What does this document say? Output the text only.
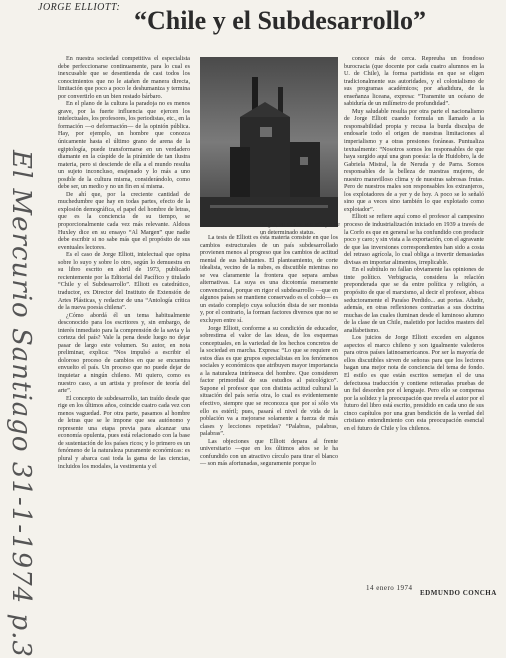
JORGE ELLIOTT: “Chile y el Subdesarrollo”
El Mercurio Santiago 31-1-1974 p.3

En nuestra sociedad competitiva el especialista debe perfeccionarse continuamente, para lo cual es inexcusable que se desentienda de casi todos los conocimientos que no le atañen de manera directa, limitación que poco a poco le deshumaniza y termina por convertirlo en un bien restado bárbaro.

En el plano de la cultura la paradoja no es menos grave, por la fuerte influencia que ejercen los intelectuales, los profesores, los periodistas, etc., en la formación —o deformación— de la opinión pública. Hay, por ejemplo, un hombre que conozca únicamente hasta el último grano de arena de la egiptología, puede transformarse en un verdadero diamante en la cúspide de la pirámide de tan ilustra materia, pero si desciende de ella a el mundo resulta un sujeto inconcluso, enajenado y lo más a uno posible de la cultura misma, considerándolo, como debe ser, un medio y no un fin en sí misma.

De ahí que, por la creciente cantidad de muchedumbre que hay en todas partes, efecto de la explosión demográfica, el papel del hombre de letras, que es la conciencia de su tiempo, se proporcionalmente cada vez más relevante. Aldous Huxley dice en su ensayo “Al Margen” que nadie debe escribir si no sabe más que el propósito de sus eventuales lectores.

Es el caso de Jorge Elliott, intelectual que opina sobre lo suyo y sobre lo otro, según lo demuestra en su libro escrito en abril de 1973, publicado recientemente por la Editorial del Pacífico y titulado “Chile y el Subdesarrollo”. Elliott es catedrático, traductor, ex Director del Instituto de Extensión de Artes Plásticas, y redactor de una “Antología crítica de la nueva poesía chilena”.

¿Cómo abordá él un tema habitualmente desconocido para los escritores y, sin embargo, de interés inmediato para la comprensión de la savia y la corteza del país? Vale la pena desde luego no dejar pasar de largo este volumen. Su autor, en nota preliminar, explica: “Nos impulsó a escribir el doloroso proceso de cambios en que se encuentra envuelto el país. Un proceso que no puede dejar de inquietar a ningún chileno. Mi quiero, como es nuestro caso, a un artista y profesor de teoría del arte”.

El concepto de subdesarrollo, tan traído desde que rige en los últimos años, coincide cuatro cada vez con menos vaguedad. Por otra parte, pasamos al hombre de letras que se le impone que sea autónomo y represente una etapa previa para alcanzar una economía opulenta, pues está relacionado con la base de sustentación de los países ricos; y lo primero es un fenómeno de la naturaleza puramente económicas: es plural y abarca casi toda la gama de las ciencias, incluidos los modales, la vestimenta y el

lengua, en cuanto son reflejos de un determinado status.

La tesis de Elliott es ésta materia consiste en que los cambios estructurales de un país subdesarrollado provienen menos al progreso que los cambios de actitud mental de sus habitantes. El planteamiento, de corte idealista, vecino de la nubes, es discutible mientras no se vea claramente la frontera que separa ambas alternativas. La suya es una dicotomía meramente convencional, porque en rigor el subdesarrollo —que en algunos países se mantiene conservado es el cobdo— es un estado complejo cuya solución dista de ser monista y, por el contrario, la forman factores diversos que no se excluyen entre sí.

Jorge Elliott, conforme a su condición de educador, sobrestima el valor de las ideas, de los esquemas conceptuales, en la variedad de los hechos concretos de la sociedad en marcha. Expresa: “Lo que se requiere en estos días es que grupos especialistas en los fenómenos sociales y económicos que atribuyen mayor importancia a la naturaleza intrínseca del hombre. Que consideren factor primordial de sus estudios al psicológico”. Supone el profesor que con distinta actitud cultural la situación del país sería otra, lo cual es evidentemente efectivo, siempre que se reconozca que por sí sólo vis ello es estéril; pues, pasará el nivel de vida de la población va a mejorarse solamente a fuerza de más clases y lecciones repetidas? “Palabras, palabras, palabras”.

Las objeciones que Elliott depara al frente universitario —que en los últimos años se le ha confundido con un atractivo círculo para tirar el blanco— son más afortunadas, seguramente porque lo

conoce más de cerca. Repreuba un frondoso burocracia (que docente por cada cuatro alumnos en la U. de Chile), la forma partidista en que se eligen tradicionalmente sus autoridades, y el colonialismo de sus programas académicos; por añadidura, de la enseñanza liceana, expresa: “Transmite un océano de sabiduría de un milímetro de profundidad”.

Muy saludable resulta por otra parte el nacionalismo de Jorge Elliott cuando formula un llamado a la responsabilidad propia y recusa la burda disculpa de endosarle todo el origen de nuestras limitaciones al imperialismo y a otras presiones foráneas. Puntualiza textualmente: “Nosotros somos los responsables de que haya surgido aquí una gran poesía: la de Huidobro, la de Gabriela Mistral, la de Neruda y de Parra. Somos responsables de la belleza de nuestras mujeres, de nuestro maravilloso clima y de nuestras sabrosas frutas. Pero de nuestros males son responsables los extranjeros, los explotadores de a yer y de hoy. A poco se lo señaló sino que a veces sino también lo que explotado como explotador”.

Elliott se refiere aquí como el profesor al campesino proceso de industrialización iniciado en 1939 a través de la Corfo es que en general se ha confundido con producir poco y caro; y sin vista a la exportación, con el agravante de que las inversiones correspondientes han sido a costa del retraso agrícola, lo cual obliga a invertir demasiadas divisas en importar alimentos, irreplicable.

En el subtítulo no fallan obviamente las opiniones de tinte político. Verbigracia, considera la relación preponderada que se da entre política y religión, a propósito de que el marxismo, al decir el profesor, abisca seductoramente el Paraíso Perdido... aut portas. Añadir, además, en otras reflexiones contrarias a sus doctrina muchas de las cuales iluminan desde el luminoso alumno de la clase de un Chile, maletido por lucidos masters del analfabetismo.

Los juicios de Jorge Elliott exceden en algunos aspectos el marco chileno y son igualmente valederos para otros países latinoamericanos. Por ser la mayoría de ellos discutibles sirven de señoras para que los lectores hagan una mejor nota de conciencia del tema de fondo. El estilo es que están escritos semejan el de una defectuosa traducción y contiene reiteradas pruebas de un fiel desorden por el lenguaje. Pero ello se compensa por la solidez y la preocupación que revela el autor por el futuro del libro está escrito, presidido en cada uno de sus cinco capítulos por una gran bendición de la verdad del cristiano entendimiento con esta preocupación esencial en el futuro de Chile y los chilenos.

14 enero 1974
EDMUNDO CONCHA
